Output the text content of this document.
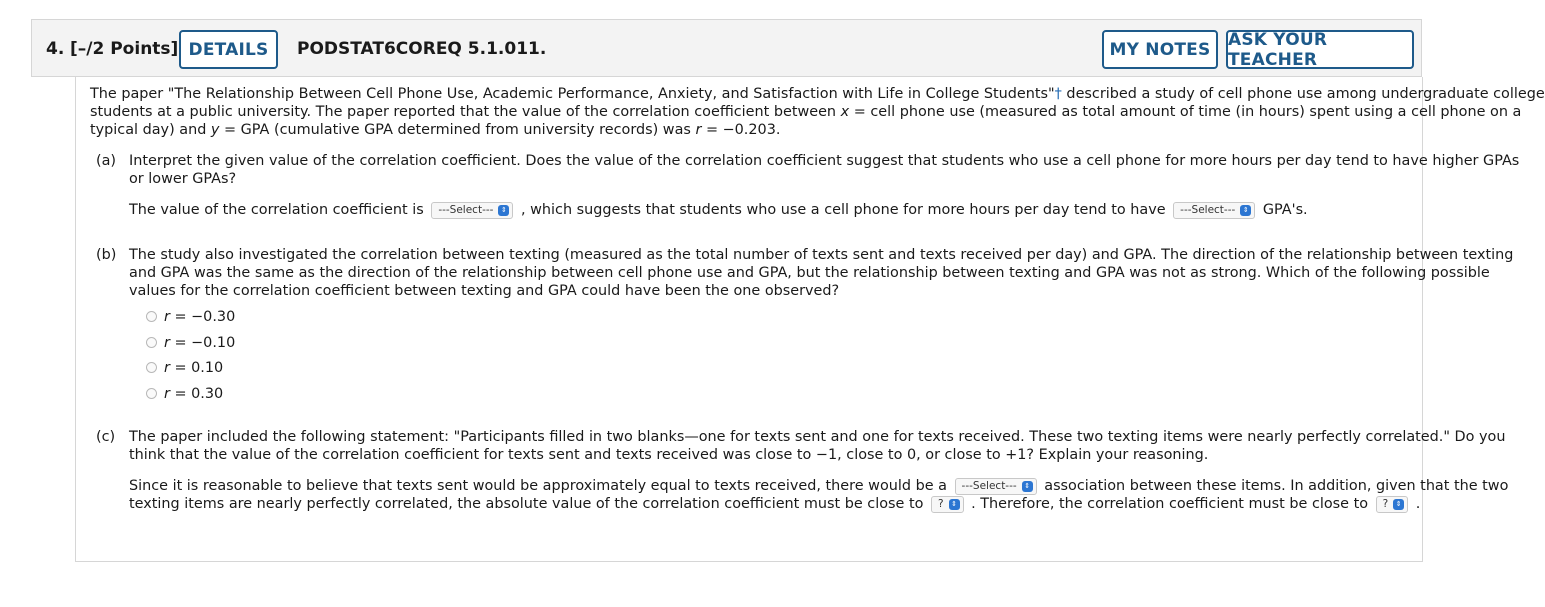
4. [–/2 Points] DETAILS	PODSTAT6COREQ 5.1.011.	MY NOTES	ASK YOUR TEACHER
The paper "The Relationship Between Cell Phone Use, Academic Performance, Anxiety, and Satisfaction with Life in College Students"† described a study of cell phone use among undergraduate college
students at a public university. The paper reported that the value of the correlation coefficient between x = cell phone use (measured as total amount of time (in hours) spent using a cell phone on a
typical day) and y = GPA (cumulative GPA determined from university records) was r = −0.203.
(a) Interpret the given value of the correlation coefficient. Does the value of the correlation coefficient suggest that students who use a cell phone for more hours per day tend to have higher GPAs
or lower GPAs?
The value of the correlation coefficient is ---Select---	⇕ , which suggests that students who use a cell phone for more hours per day tend to have ---Select---	⇕ GPA's.
(b) The study also investigated the correlation between texting (measured as the total number of texts sent and texts received per day) and GPA. The direction of the relationship between texting
and GPA was the same as the direction of the relationship between cell phone use and GPA, but the relationship between texting and GPA was not as strong. Which of the following possible
values for the correlation coefficient between texting and GPA could have been the one observed?
r = −0.30
r = −0.10
r = 0.10
r = 0.30
(c) The paper included the following statement: "Participants filled in two blanks—one for texts sent and one for texts received. These two texting items were nearly perfectly correlated." Do you
think that the value of the correlation coefficient for texts sent and texts received was close to −1, close to 0, or close to +1? Explain your reasoning.
Since it is reasonable to believe that texts sent would be approximately equal to texts received, there would be a ---Select---	⇕ association between these items. In addition, given that the two
texting items are nearly perfectly correlated, the absolute value of the correlation coefficient must be close to ?	⇕ . Therefore, the correlation coefficient must be close to ?	⇕ .
